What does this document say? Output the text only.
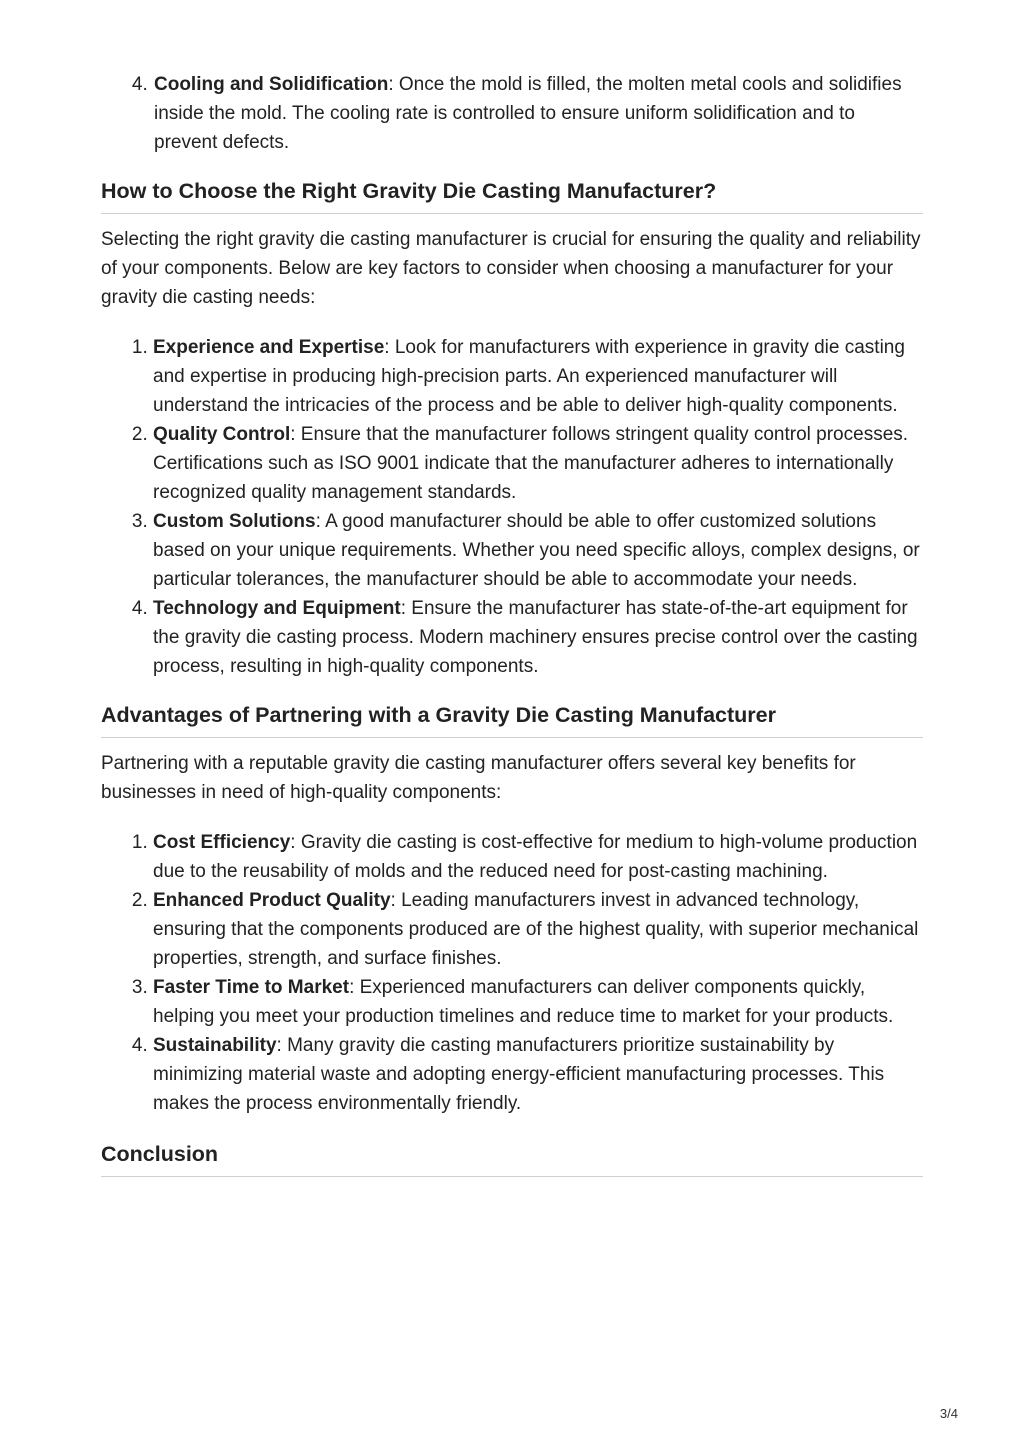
4. Cooling and Solidification: Once the mold is filled, the molten metal cools and solidifies inside the mold. The cooling rate is controlled to ensure uniform solidification and to prevent defects.
How to Choose the Right Gravity Die Casting Manufacturer?

Selecting the right gravity die casting manufacturer is crucial for ensuring the quality and reliability of your components. Below are key factors to consider when choosing a manufacturer for your gravity die casting needs:

1. Experience and Expertise: Look for manufacturers with experience in gravity die casting and expertise in producing high-precision parts. An experienced manufacturer will understand the intricacies of the process and be able to deliver high-quality components.
2. Quality Control: Ensure that the manufacturer follows stringent quality control processes. Certifications such as ISO 9001 indicate that the manufacturer adheres to internationally recognized quality management standards.
3. Custom Solutions: A good manufacturer should be able to offer customized solutions based on your unique requirements. Whether you need specific alloys, complex designs, or particular tolerances, the manufacturer should be able to accommodate your needs.
4. Technology and Equipment: Ensure the manufacturer has state-of-the-art equipment for the gravity die casting process. Modern machinery ensures precise control over the casting process, resulting in high-quality components.
Advantages of Partnering with a Gravity Die Casting Manufacturer

Partnering with a reputable gravity die casting manufacturer offers several key benefits for businesses in need of high-quality components:

1. Cost Efficiency: Gravity die casting is cost-effective for medium to high-volume production due to the reusability of molds and the reduced need for post-casting machining.
2. Enhanced Product Quality: Leading manufacturers invest in advanced technology, ensuring that the components produced are of the highest quality, with superior mechanical properties, strength, and surface finishes.
3. Faster Time to Market: Experienced manufacturers can deliver components quickly, helping you meet your production timelines and reduce time to market for your products.
4. Sustainability: Many gravity die casting manufacturers prioritize sustainability by minimizing material waste and adopting energy-efficient manufacturing processes. This makes the process environmentally friendly.
Conclusion
3/4
